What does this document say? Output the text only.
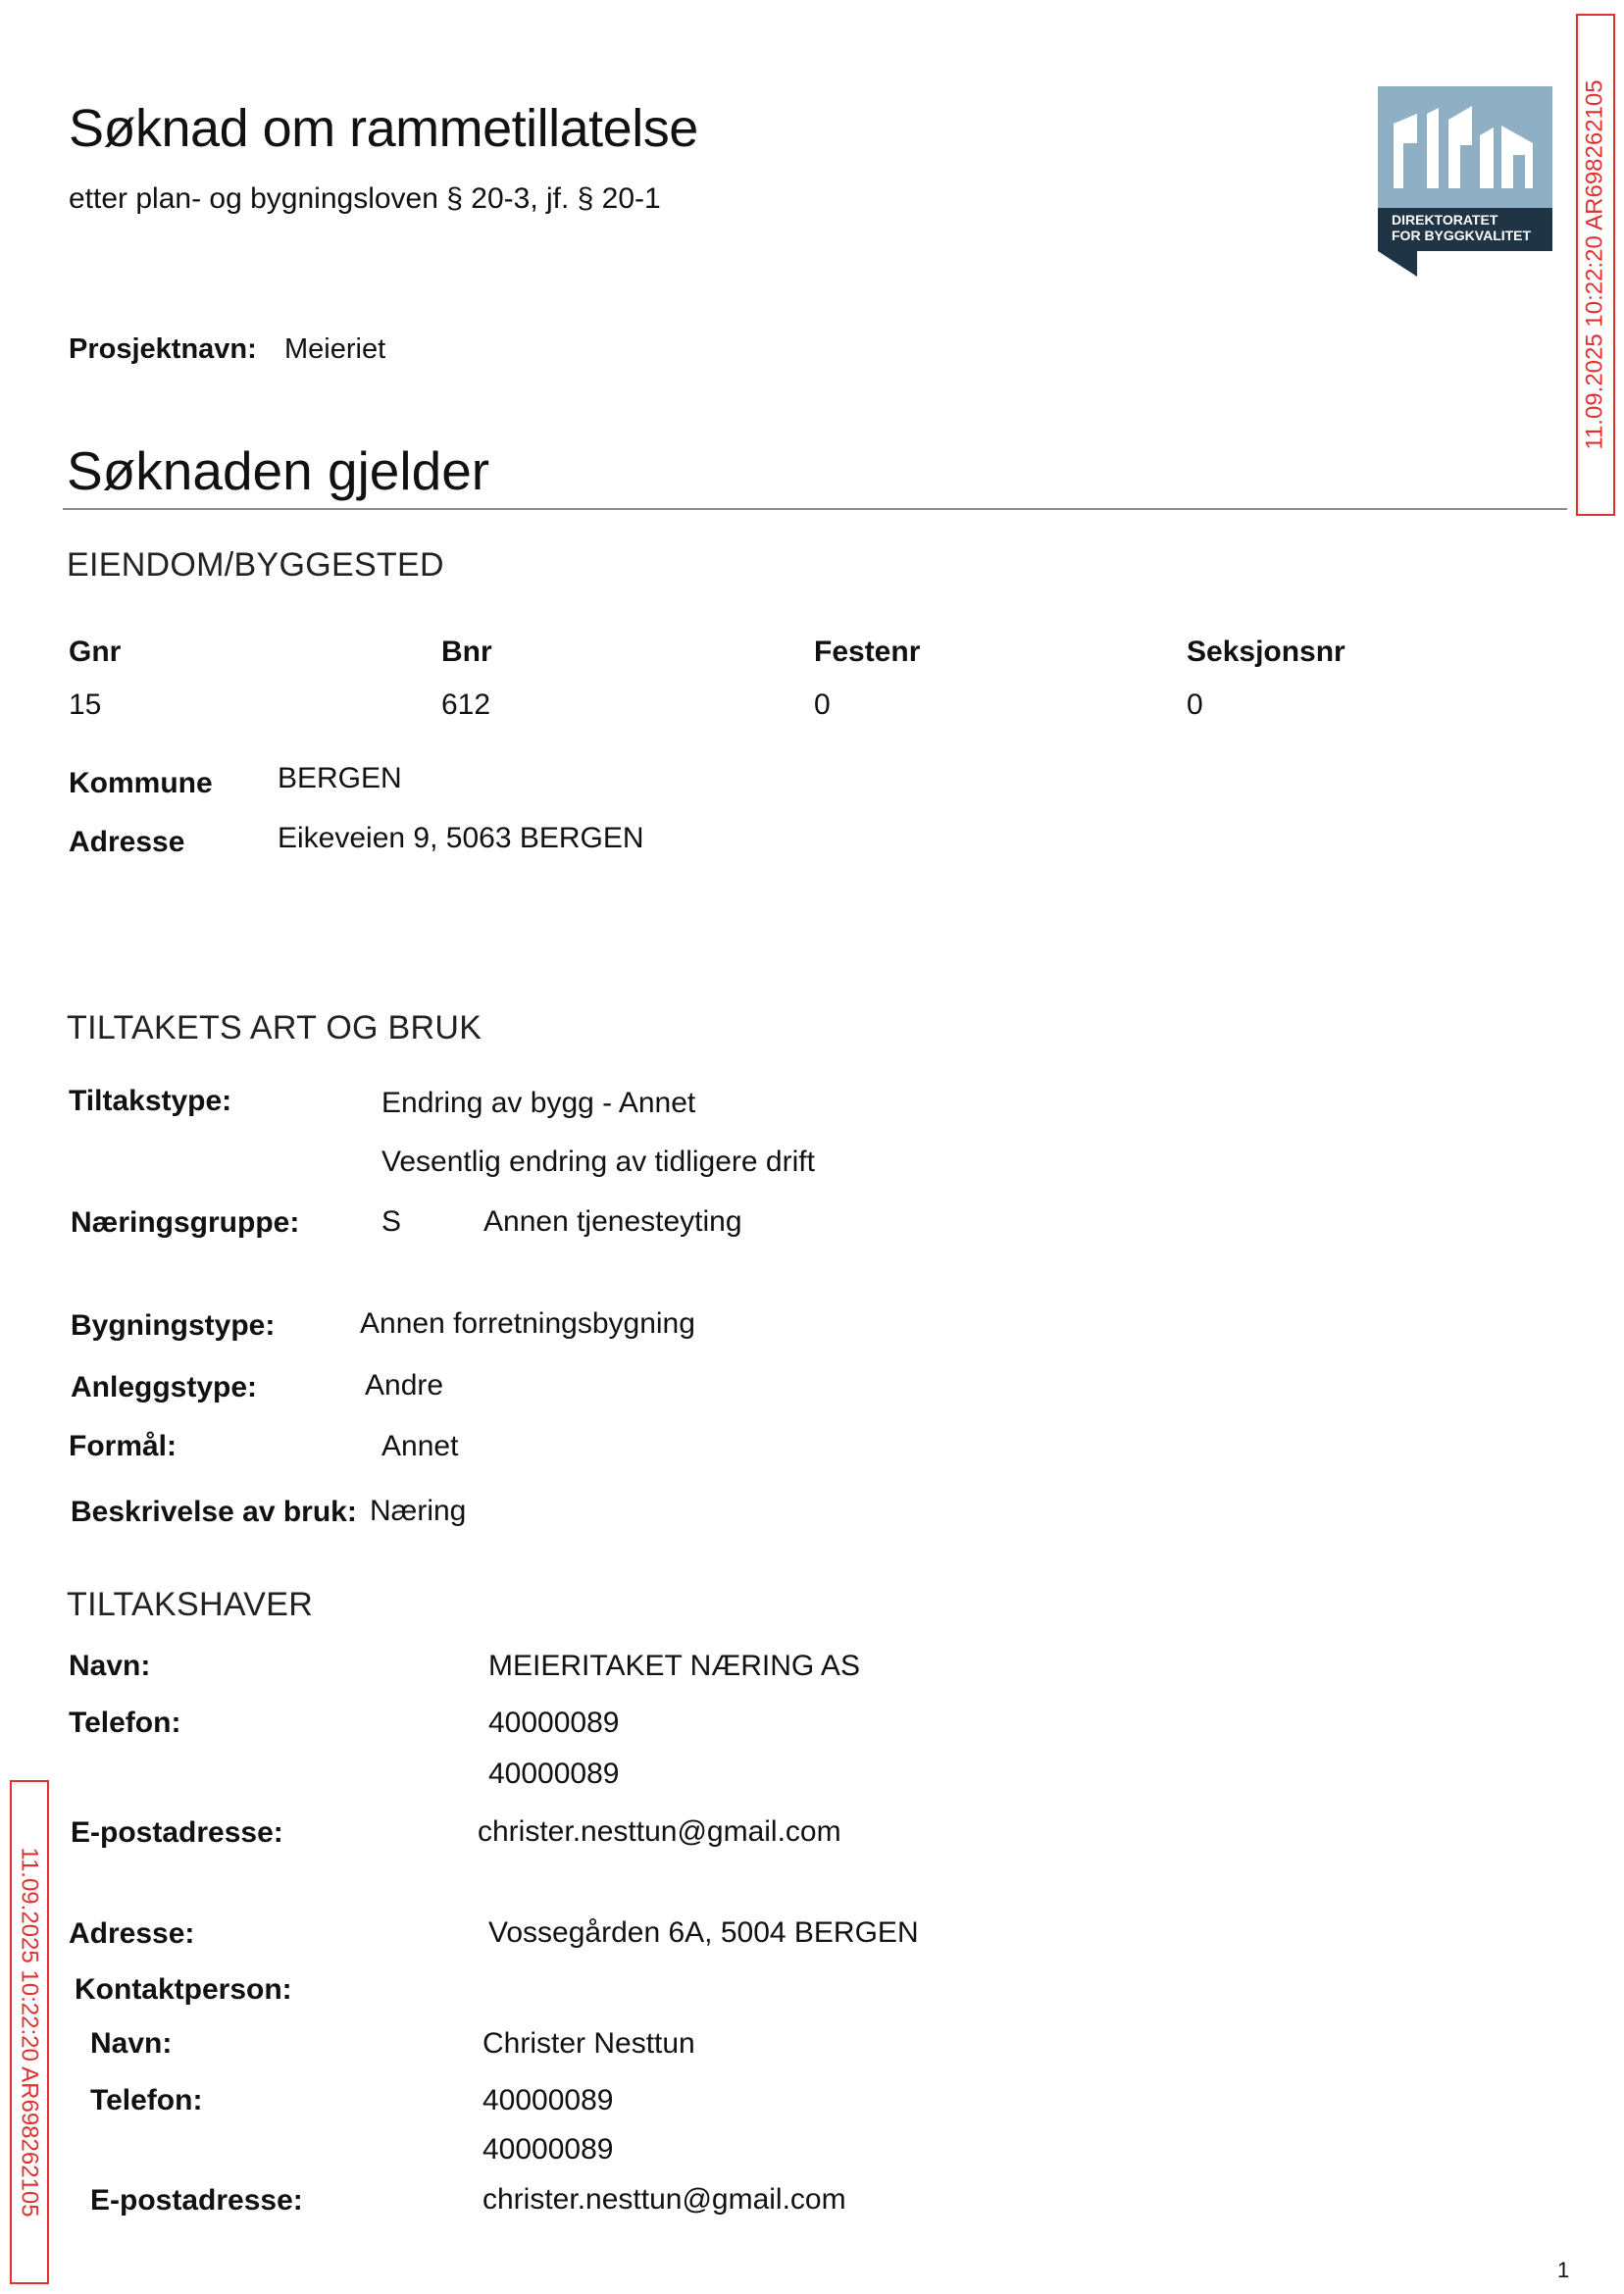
Søknad om rammetillatelse
etter plan- og bygningsloven § 20-3, jf. § 20-1
DIREKTORATET
FOR BYGGKVALITET
Prosjektnavn: Meieriet
Søknaden gjelder
EIENDOM/BYGGESTED
Gnr	Bnr	Festenr	Seksjonsnr
15	612	0	0
Kommune BERGEN
Adresse	Eikeveien 9, 5063 BERGEN
TILTAKETS ART OG BRUK
Tiltakstype:	Endring av bygg - Annet
Vesentlig endring av tidligere drift
Næringsgruppe:	S	Annen tjenesteyting
Bygningstype:	Annen forretningsbygning
Anleggstype:	Andre
Formål:	Annet
Beskrivelse av bruk: Næring
TILTAKSHAVER
Navn:	MEIERITAKET NÆRING AS
Telefon:	40000089
40000089
E-postadresse:	christer.nesttun@gmail.com
Adresse:	Vossegården 6A, 5004 BERGEN
Kontaktperson:
Navn:	Christer Nesttun
Telefon:	40000089
40000089
E-postadresse:	christer.nesttun@gmail.com
11.09.2025 10:22:20 AR698262105
11.09.2025 10:22:20 AR698262105
1
